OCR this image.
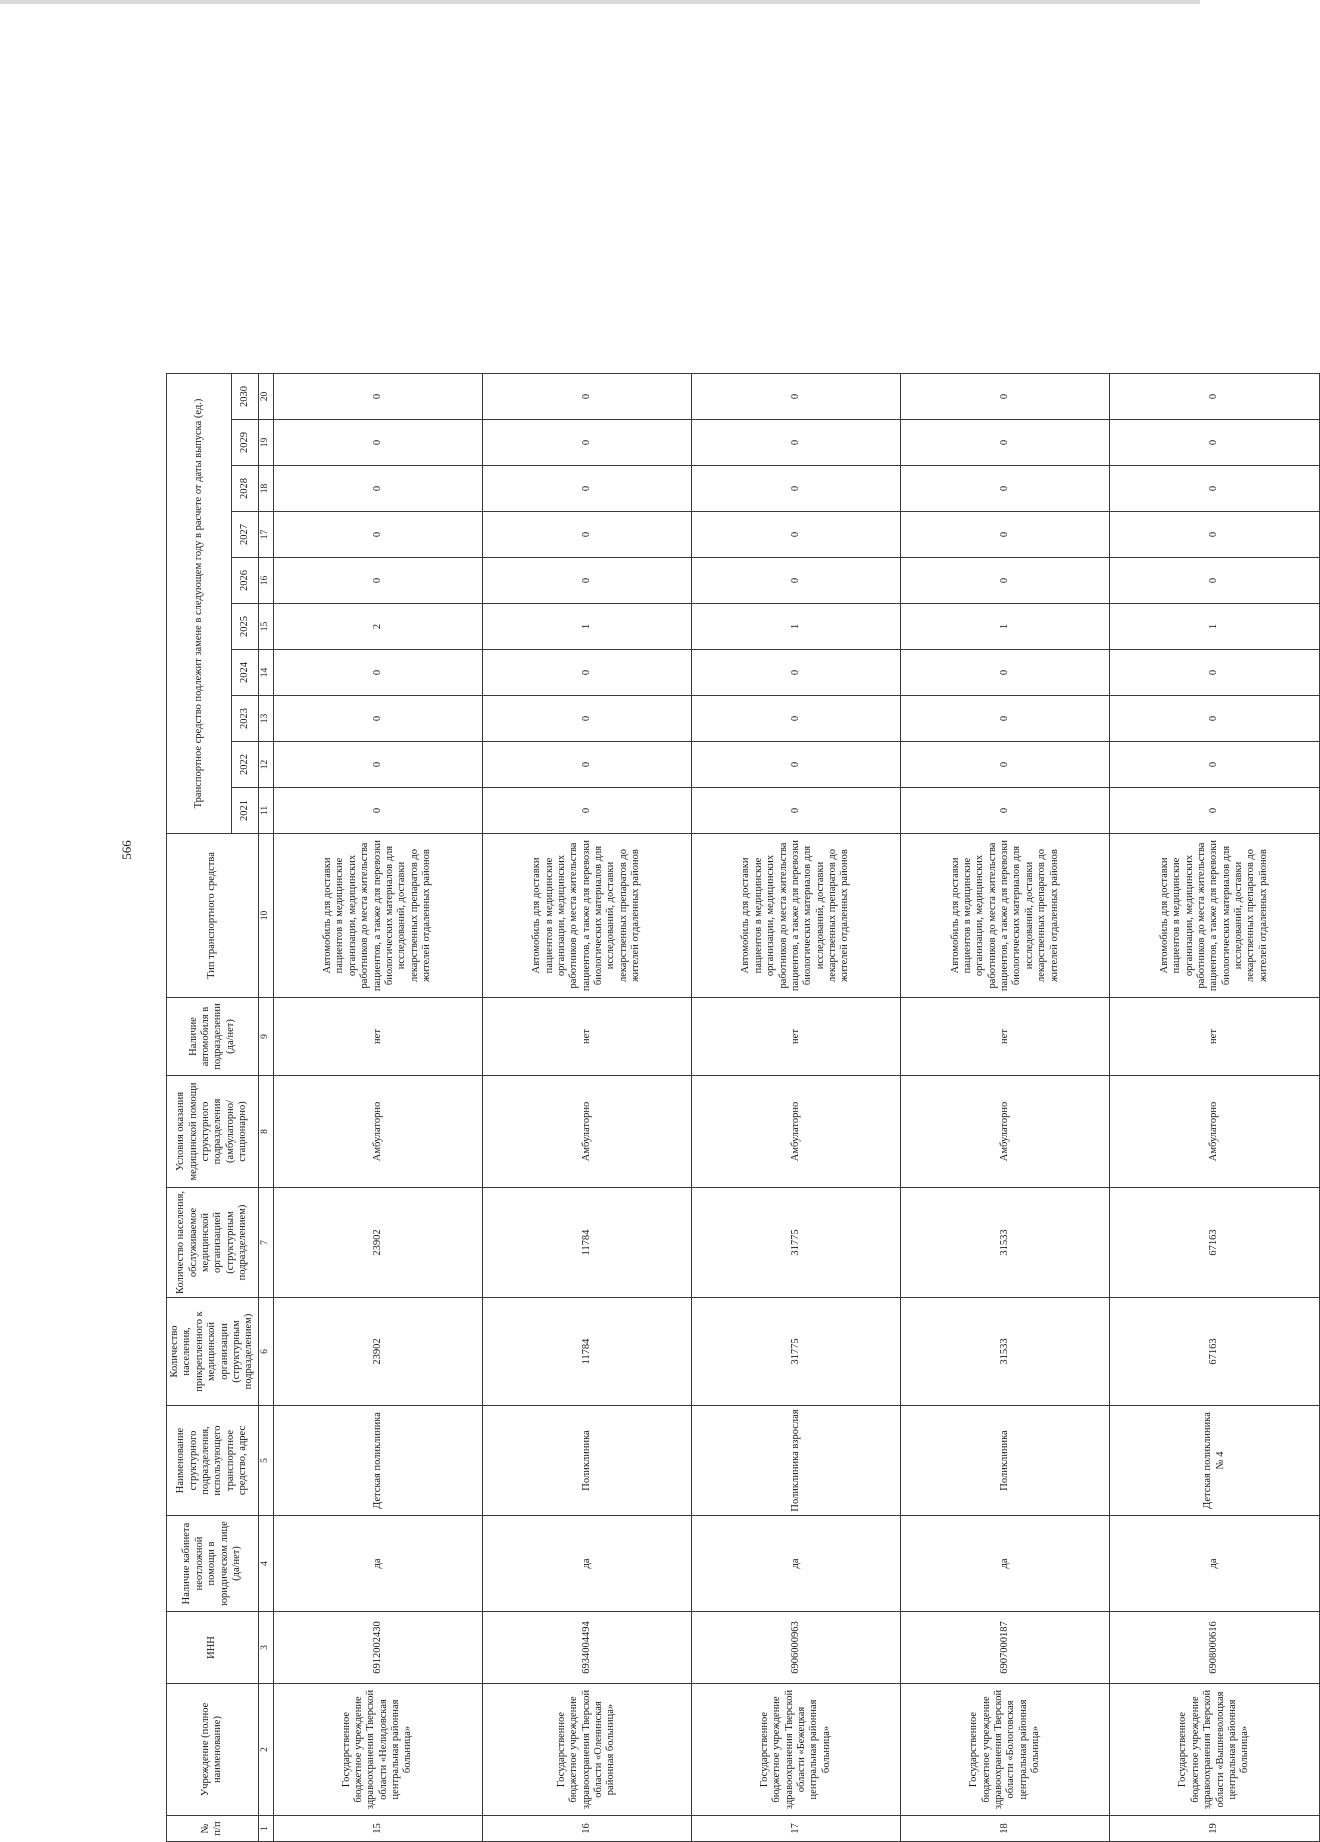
566
№ п/п	Учреждение (полное наименование)	ИНН	Наличие кабинета неотложной помощи в юридическом лице (да/нет)	Наименование структурного подразделения, использующего транспортное средство, адрес	Количество населения, прикрепленного к медицинской организации (структурным подразделением)	Количество населения, обслуживаемое медицинской организацией (структурным подразделением)	Условия оказания медицинской помощи структурного подразделения (амбулаторно/ стационарно)	Наличие автомобиля в подразделении (да/нет)	Тип транспортного средства	Транспортное средство подлежит замене в следующем году в расчете от даты выпуска (ед.)									
										2021	2022	2023	2024	2025	2026	2027	2028	2029	2030
1	2	3	4	5	6	7	8	9	10	11	12	13	14	15	16	17	18	19	20
15	Государственное бюджетное учреждение здравоохранения Тверской области «Нелидовская центральная районная больница»	6912002430	да	Детская поликлиника	23902	23902	Амбулаторно	нет	Автомобиль для доставки пациентов в медицинские организации, медицинских работников до места жительства пациентов, а также для перевозки биологических материалов для исследований, доставки лекарственных препаратов до жителей отдаленных районов	0	0	0	0	2	0	0	0	0	0
16	Государственное бюджетное учреждение здравоохранения Тверской области «Оленинская районная больница»	6934004494	да	Поликлиника	11784	11784	Амбулаторно	нет	Автомобиль для доставки пациентов в медицинские организации, медицинских работников до места жительства пациентов, а также для перевозки биологических материалов для исследований, доставки лекарственных препаратов до жителей отдаленных районов	0	0	0	0	1	0	0	0	0	0
17	Государственное бюджетное учреждение здравоохранения Тверской области «Бежецкая центральная районная больница»	6906000963	да	Поликлиника взрослая	31775	31775	Амбулаторно	нет	Автомобиль для доставки пациентов в медицинские организации, медицинских работников до места жительства пациентов, а также для перевозки биологических материалов для исследований, доставки лекарственных препаратов до жителей отдаленных районов	0	0	0	0	1	0	0	0	0	0
18	Государственное бюджетное учреждение здравоохранения Тверской области «Бологовская центральная районная больница»	6907000187	да	Поликлиника	31533	31533	Амбулаторно	нет	Автомобиль для доставки пациентов в медицинские организации, медицинских работников до места жительства пациентов, а также для перевозки биологических материалов для исследований, доставки лекарственных препаратов до жителей отдаленных районов	0	0	0	0	1	0	0	0	0	0
19	Государственное бюджетное учреждение здравоохранения Тверской области «Вышневолоцкая центральная районная больница»	6908000616	да	Детская поликлиника № 4	67163	67163	Амбулаторно	нет	Автомобиль для доставки пациентов в медицинские организации, медицинских работников до места жительства пациентов, а также для перевозки биологических материалов для исследований, доставки лекарственных препаратов до жителей отдаленных районов	0	0	0	0	1	0	0	0	0	0
